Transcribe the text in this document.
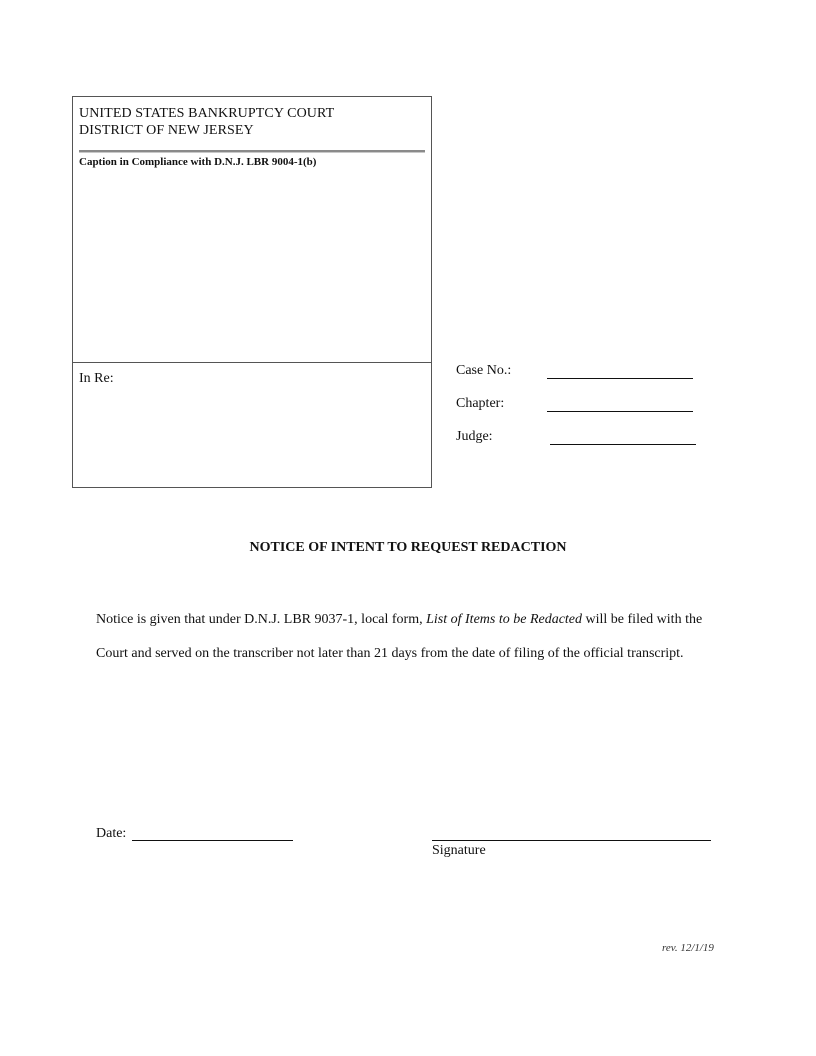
UNITED STATES BANKRUPTCY COURT
DISTRICT OF NEW JERSEY
Caption in Compliance with D.N.J. LBR 9004-1(b)
In Re:
Case No.:
Chapter:
Judge:
NOTICE OF INTENT TO REQUEST REDACTION
Notice is given that under D.N.J. LBR 9037-1, local form, List of Items to be Redacted will be filed with the Court and served on the transcriber not later than 21 days from the date of filing of the official transcript.
Date:
Signature
rev. 12/1/19
